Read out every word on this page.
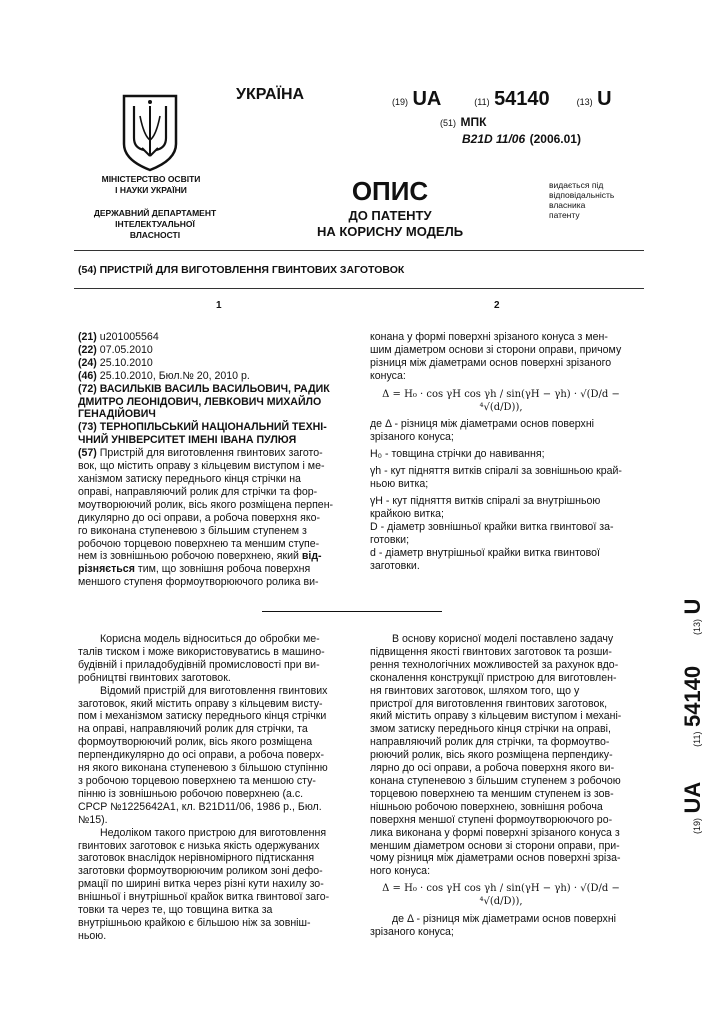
УКРАЇНА
МІНІСТЕРСТВО ОСВІТИ
І НАУКИ УКРАЇНИ
ДЕРЖАВНИЙ ДЕПАРТАМЕНТ
ІНТЕЛЕКТУАЛЬНОЇ
ВЛАСНОСТІ
(19) UA	(11) 54140	(13) U
(51) МПК
B21D 11/06 (2006.01)
ОПИС
ДО ПАТЕНТУ
НА КОРИСНУ МОДЕЛЬ
видається під
відповідальність
власника
патенту
(54) ПРИСТРІЙ ДЛЯ ВИГОТОВЛЕННЯ ГВИНТОВИХ ЗАГОТОВОК
1	2
(21) u201005564
(22) 07.05.2010
(24) 25.10.2010
(46) 25.10.2010, Бюл.№ 20, 2010 р.
(72) ВАСИЛЬКІВ ВАСИЛЬ ВАСИЛЬОВИЧ, РАДИК
ДМИТРО ЛЕОНІДОВИЧ, ЛЕВКОВИЧ МИХАЙЛО
ГЕНАДІЙОВИЧ
(73) ТЕРНОПІЛЬСЬКИЙ НАЦІОНАЛЬНИЙ ТЕХНІ-
ЧНИЙ УНІВЕРСИТЕТ ІМЕНІ ІВАНА ПУЛЮЯ
(57) Пристрій для виготовлення гвинтових загото-
вок, що містить оправу з кільцевим виступом і ме-
ханізмом затиску переднього кінця стрічки на
оправі, направляючий ролик для стрічки та фор-
моутворюючий ролик, вісь якого розміщена перпен-
дикулярно до осі оправи, а робоча поверхня яко-
го виконана ступеневою з більшим ступенем з
робочою торцевою поверхнею та меншим ступе-
нем із зовнішньою робочою поверхнею, який від-
різняється тим, що зовнішня робоча поверхня
меншого ступеня формоутворюючого ролика ви-
конана у формі поверхні зрізаного конуса з мен-
шим діаметром основи зі сторони оправи, причому
різниця між діаметрами основ поверхні зрізаного
конуса:
Δ = H₀ · cos γH cos γh / sin(γH − γh) · √(D/d − ⁴√(d/D)),
де Δ - різниця між діаметрами основ поверхні
зрізаного конуса;
H₀ - товщина стрічки до навивання;
γh - кут підняття витків спіралі за зовнішньою край-
ньою витка;
γH - кут підняття витків спіралі за внутрішньою
крайкою витка;
D - діаметр зовнішньої крайки витка гвинтової за-
готовки;
d - діаметр внутрішньої крайки витка гвинтової
заготовки.
Корисна модель відноситься до обробки ме-
талів тиском і може використовуватись в машино-
будівній і приладобудівній промисловості при ви-
робництві гвинтових заготовок.
Відомий пристрій для виготовлення гвинтових
заготовок, який містить оправу з кільцевим висту-
пом і механізмом затиску переднього кінця стрічки
на оправі, направляючий ролик для стрічки, та
формоутворюючий ролик, вісь якого розміщена
перпендикулярно до осі оправи, а робоча поверх-
ня якого виконана ступеневою з більшою ступінню
з робочою торцевою поверхнею та меншою сту-
пінню із зовнішньою робочою поверхнею (а.с.
СРСР №1225642А1, кл. В21D11/06, 1986 р., Бюл.
№15).
Недоліком такого пристрою для виготовлення
гвинтових заготовок є низька якість одержуваних
заготовок внаслідок нерівномірного підтискання
заготовки формоутворюючим роликом зоні дефо-
рмації по ширині витка через різні кути нахилу зо-
внішньої і внутрішньої крайок витка гвинтової заго-
товки та через те, що товщина витка за
внутрішньою крайкою є більшою ніж за зовніш-
ньою.
В основу корисної моделі поставлено задачу
підвищення якості гвинтових заготовок та розши-
рення технологічних можливостей за рахунок вдо-
сконалення конструкції пристрою для виготовлен-
ня гвинтових заготовок, шляхом того, що у
пристрої для виготовлення гвинтових заготовок,
який містить оправу з кільцевим виступом і механі-
змом затиску переднього кінця стрічки на оправі,
направляючий ролик для стрічки, та формоутво-
рюючий ролик, вісь якого розміщена перпендику-
лярно до осі оправи, а робоча поверхня якого ви-
конана ступеневою з більшим ступенем з робочою
торцевою поверхнею та меншим ступенем із зов-
нішньою робочою поверхнею, зовнішня робоча
поверхня меншої ступені формоутворюючого ро-
лика виконана у формі поверхні зрізаного конуса з
меншим діаметром основи зі сторони оправи, при-
чому різниця між діаметрами основ поверхні зріза-
ного конуса:
Δ = H₀ · cos γH cos γh / sin(γH − γh) · √(D/d − ⁴√(d/D)),
де Δ - різниця між діаметрами основ поверхні
зрізаного конуса;
(19) UA  (11) 54140  (13) U
